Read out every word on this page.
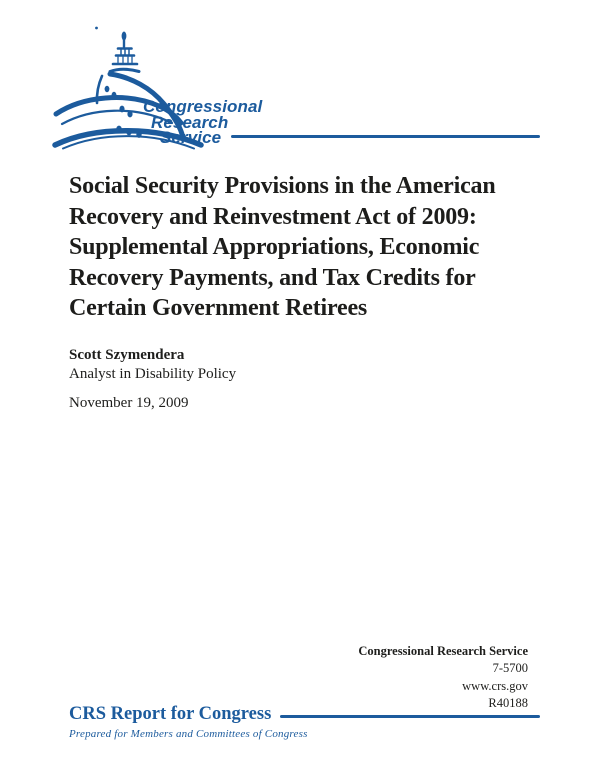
Congressional
Research
Service
Social Security Provisions in the American
Recovery and Reinvestment Act of 2009:
Supplemental Appropriations, Economic
Recovery Payments, and Tax Credits for
Certain Government Retirees
Scott Szymendera
Analyst in Disability Policy
November 19, 2009
Congressional Research Service
7-5700
www.crs.gov
R40188
CRS Report for Congress
Prepared for Members and Committees of Congress
